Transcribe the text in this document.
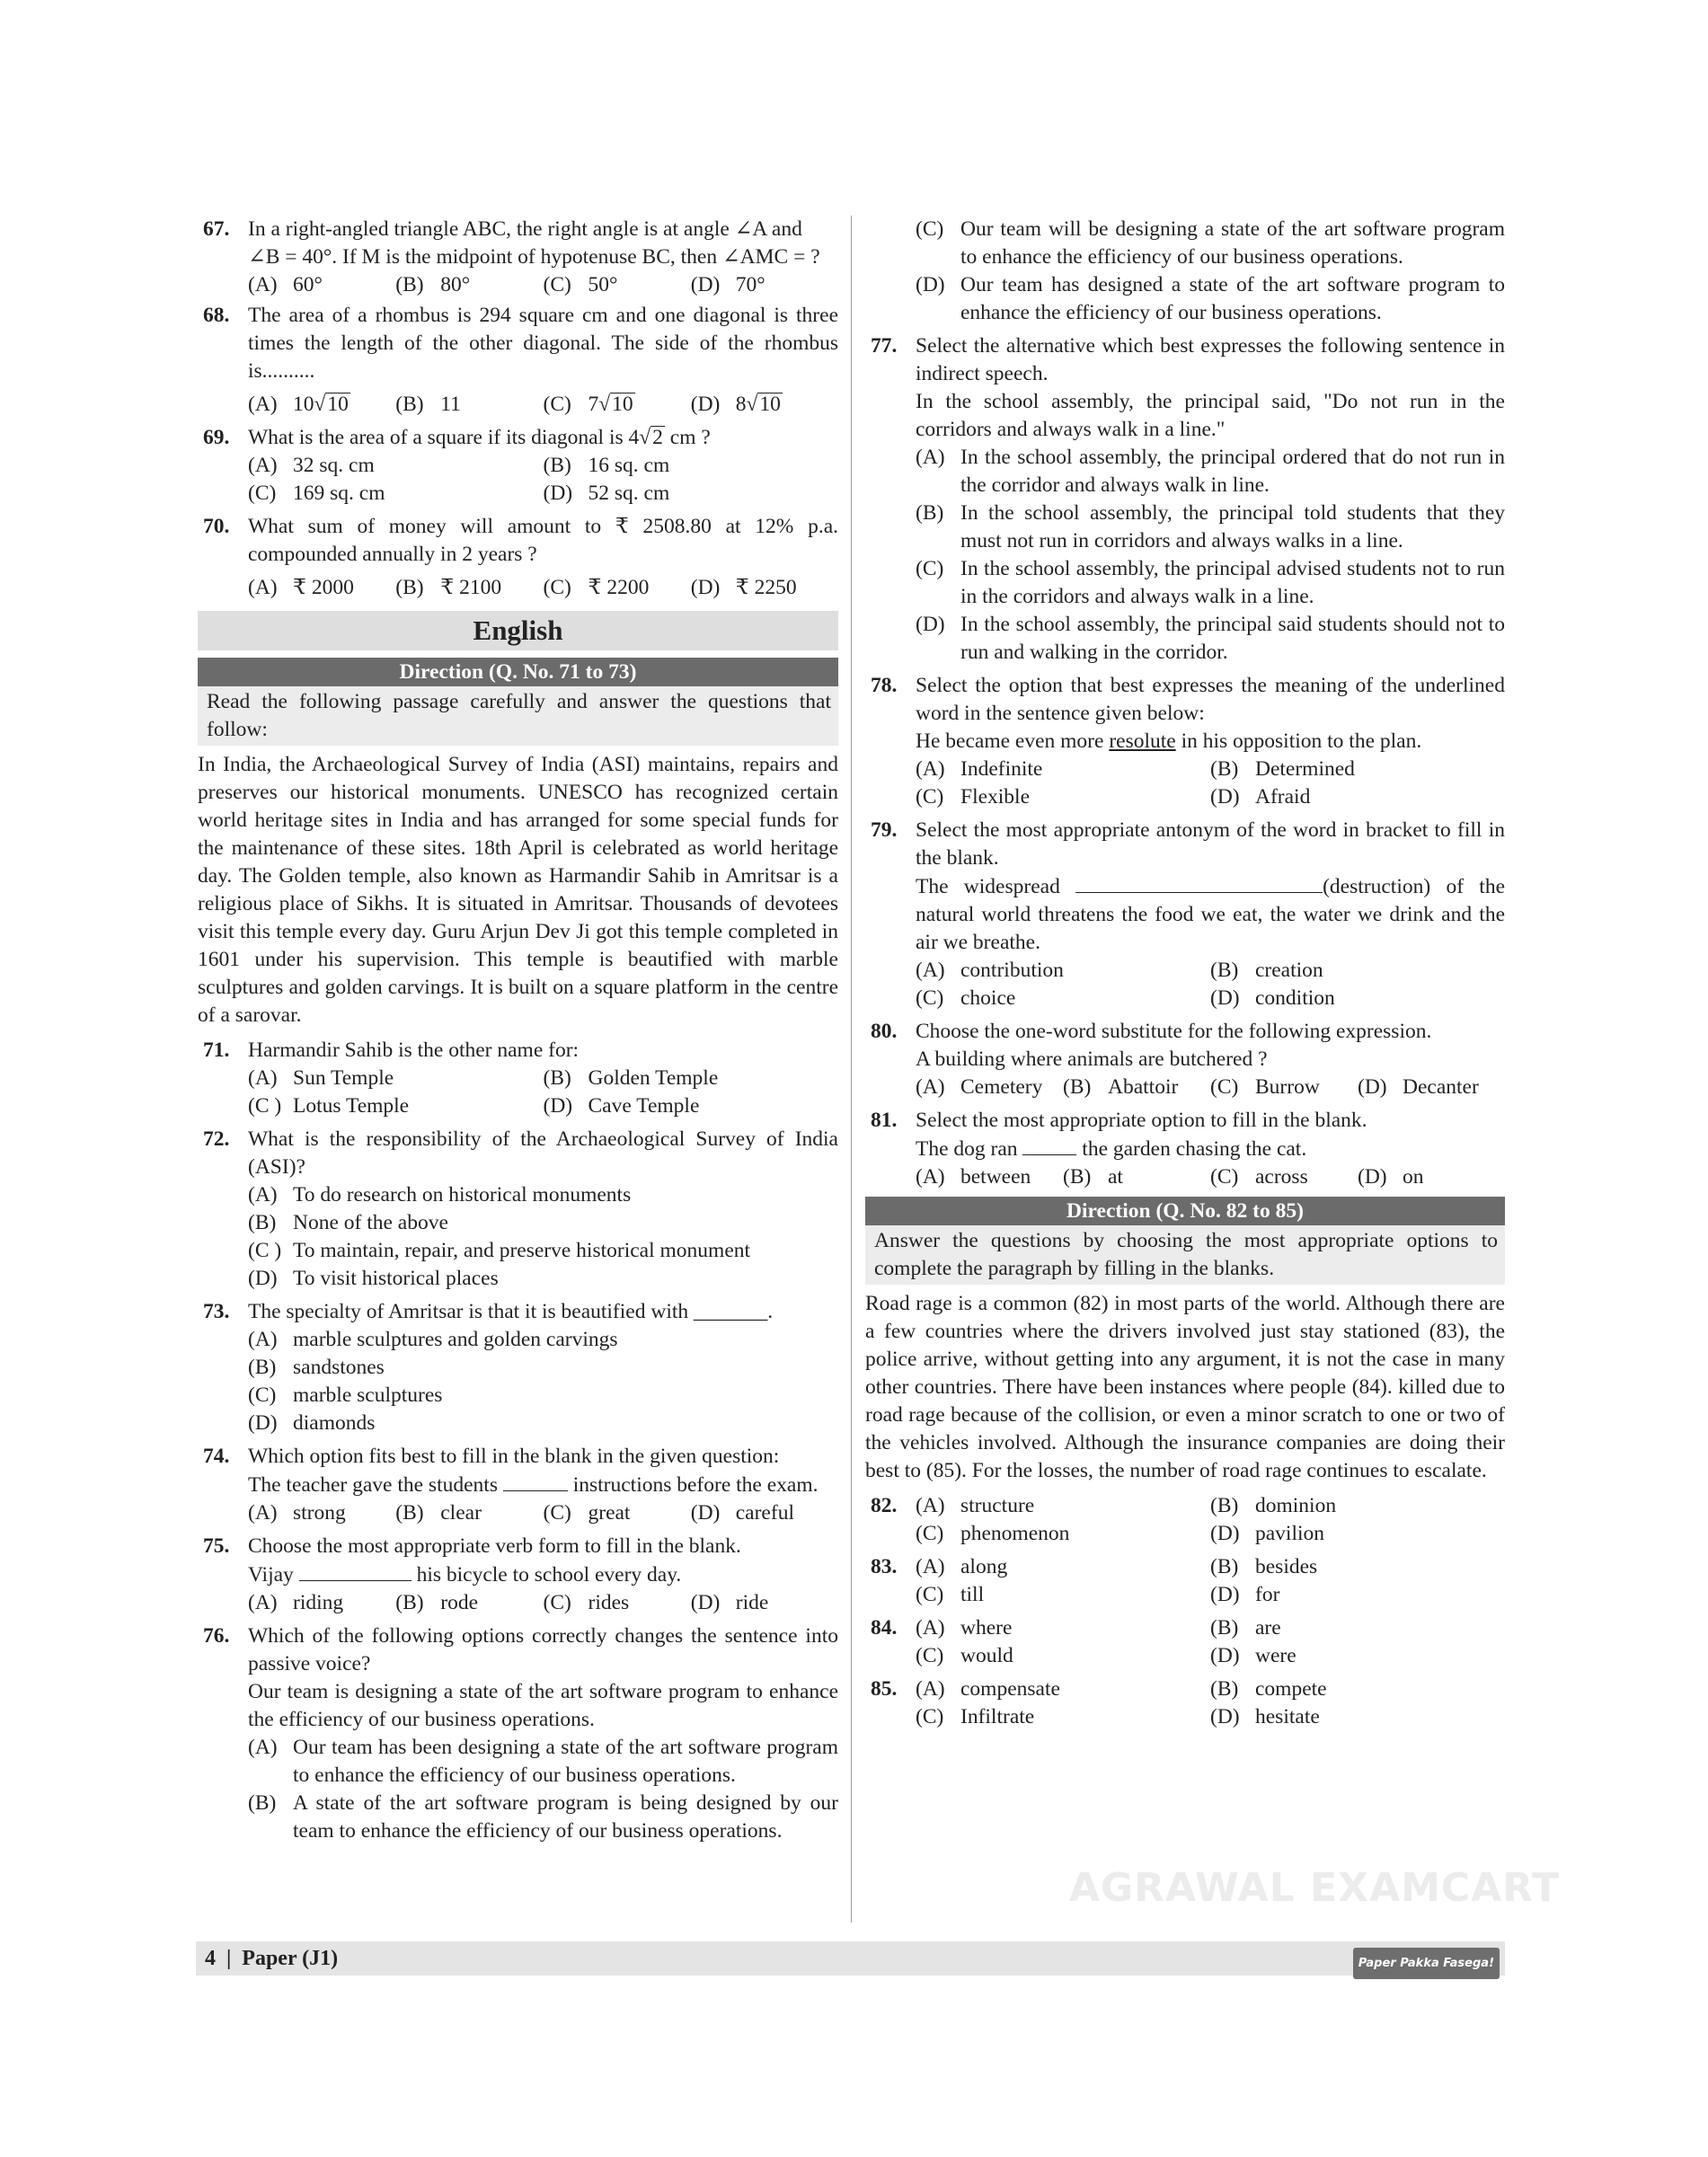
67. In a right-angled triangle ABC, the right angle is at angle ∠A and
∠B = 40°. If M is the midpoint of hypotenuse BC, then ∠AMC = ?
(A) 60°	(B) 80°	(C) 50°	(D) 70°
68. The area of a rhombus is 294 square cm and one diagonal is three times the length of the other diagonal. The side of the rhombus is..........
(A) 10√10 (B) 11	(C) 7√10	(D) 8√10
69. What is the area of a square if its diagonal is 4√2 cm ?
(A) 32 sq. cm	(B) 16 sq. cm
(C) 169 sq. cm	(D) 52 sq. cm
70. What sum of money will amount to ₹ 2508.80 at 12% p.a. compounded annually in 2 years ?
(A) ₹ 2000 (B) ₹ 2100 (C) ₹ 2200 (D) ₹ 2250
English
Direction (Q. No. 71 to 73)
Read the following passage carefully and answer the questions that follow:
In India, the Archaeological Survey of India (ASI) maintains, repairs and preserves our historical monuments. UNESCO has recognized certain world heritage sites in India and has arranged for some special funds for the maintenance of these sites. 18th April is celebrated as world heritage day. The Golden temple, also known as Harmandir Sahib in Amritsar is a religious place of Sikhs. It is situated in Amritsar. Thousands of devotees visit this temple every day. Guru Arjun Dev Ji got this temple completed in 1601 under his supervision. This temple is beautified with marble sculptures and golden carvings. It is built on a square platform in the centre of a sarovar.
71. Harmandir Sahib is the other name for:
(A) Sun Temple	(B) Golden Temple
(C ) Lotus Temple	(D) Cave Temple
72. What is the responsibility of the Archaeological Survey of India (ASI)?
(A) To do research on historical monuments
(B) None of the above
(C ) To maintain, repair, and preserve historical monument
(D) To visit historical places
73. The specialty of Amritsar is that it is beautified with _______.
(A) marble sculptures and golden carvings
(B) sandstones
(C) marble sculptures
(D) diamonds
74. Which option fits best to fill in the blank in the given question:
The teacher gave the students	instructions before the exam.
(A) strong (B) clear	(C) great	(D) careful
75. Choose the most appropriate verb form to fill in the blank.
Vijay	his bicycle to school every day.
(A) riding (B) rode	(C) rides	(D) ride
76. Which of the following options correctly changes the sentence into passive voice?
Our team is designing a state of the art software program to enhance the efficiency of our business operations.
(A) Our team has been designing a state of the art software program to enhance the efficiency of our business operations.
(B) A state of the art software program is being designed by our team to enhance the efficiency of our business operations.
(C) Our team will be designing a state of the art software program to enhance the efficiency of our business operations.
(D) Our team has designed a state of the art software program to enhance the efficiency of our business operations.
77. Select the alternative which best expresses the following sentence in indirect speech.
In the school assembly, the principal said, "Do not run in the corridors and always walk in a line."
(A) In the school assembly, the principal ordered that do not run in the corridor and always walk in line.
(B) In the school assembly, the principal told students that they must not run in corridors and always walks in a line.
(C) In the school assembly, the principal advised students not to run in the corridors and always walk in a line.
(D) In the school assembly, the principal said students should not to run and walking in the corridor.
78. Select the option that best expresses the meaning of the underlined word in the sentence given below:
He became even more resolute in his opposition to the plan.
(A) Indefinite	(B) Determined
(C) Flexible	(D) Afraid
79. Select the most appropriate antonym of the word in bracket to fill in the blank.
The widespread	(destruction) of the natural world threatens the food we eat, the water we drink and the air we breathe.
(A) contribution	(B) creation
(C) choice	(D) condition
80. Choose the one-word substitute for the following expression.
A building where animals are butchered ?
(A) Cemetery (B) Abattoir (C) Burrow (D) Decanter
81. Select the most appropriate option to fill in the blank.
The dog ran	the garden chasing the cat.
(A) between (B) at	(C) across (D) on
Direction (Q. No. 82 to 85)
Answer the questions by choosing the most appropriate options to complete the paragraph by filling in the blanks.
Road rage is a common (82) in most parts of the world. Although there are a few countries where the drivers involved just stay stationed (83), the police arrive, without getting into any argument, it is not the case in many other countries. There have been instances where people (84). killed due to road rage because of the collision, or even a minor scratch to one or two of the vehicles involved. Although the insurance companies are doing their best to (85). For the losses, the number of road rage continues to escalate.
82. (A) structure	(B) dominion
(C) phenomenon	(D) pavilion
83. (A) along	(B) besides
(C) till	(D) for
84. (A) where	(B) are
(C) would	(D) were
85. (A) compensate	(B) compete
(C) Infiltrate	(D) hesitate
AGRAWAL EXAMCART
4 | Paper (J1)	Paper Pakka Fasega!
